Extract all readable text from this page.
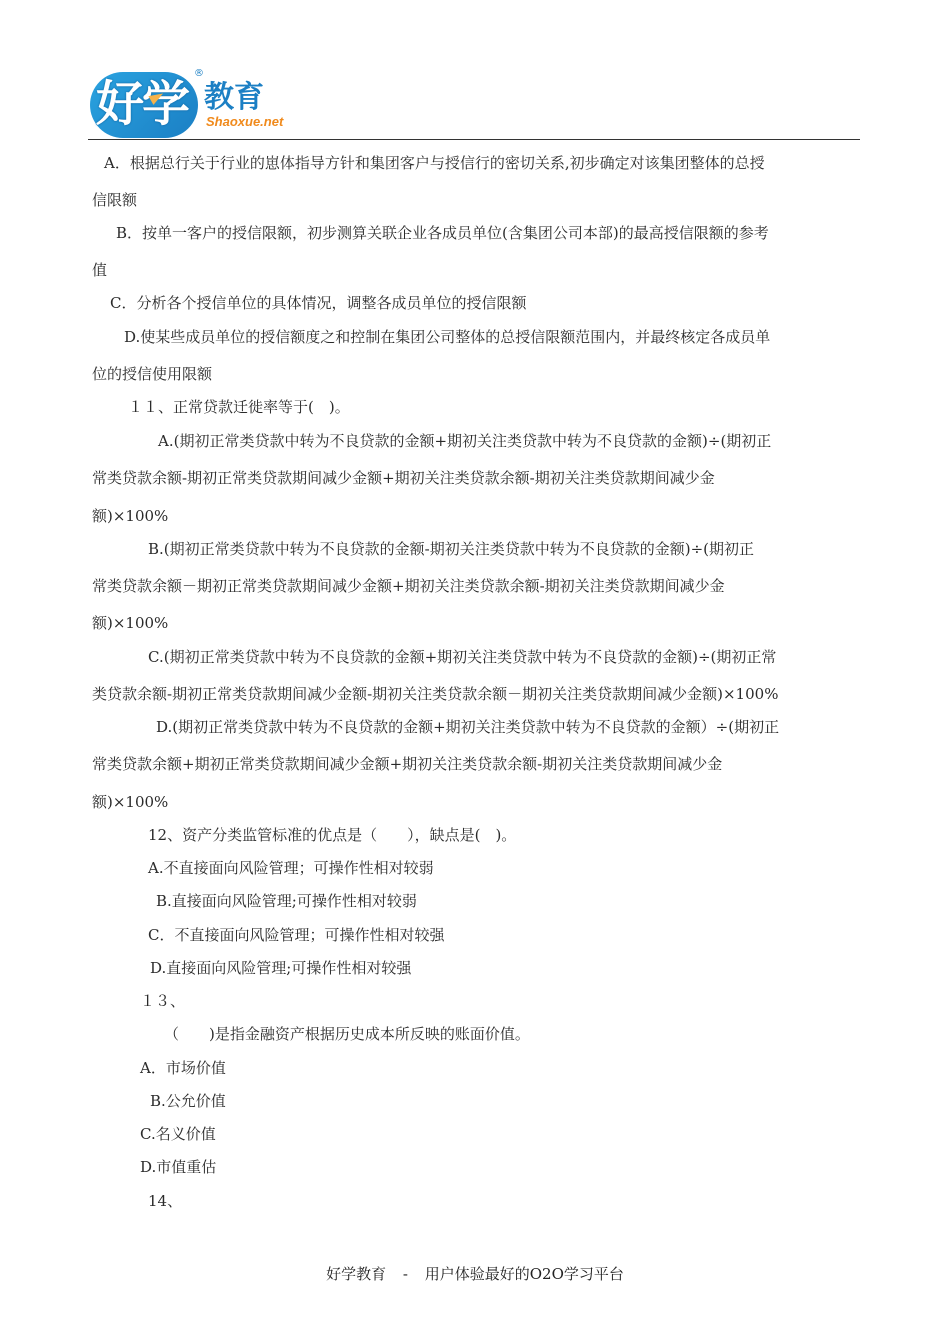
好学
®
教育
Shaoxue.net
A．根据总行关于行业的崽体指导方针和集团客户与授信行的密切关系,初步确定对该集团整体的总授
信限额
B．按单一客户的授信限额，初步测算关联企业各成员单位(含集团公司本部)的最高授信限额的参考
值
C．分析各个授信单位的具体情况，调整各成员单位的授信限额
D.使某些成员单位的授信额度之和控制在集团公司整体的总授信限额范围内，并最终核定各成员单
位的授信使用限额
１１、正常贷款迁徙率等于(　)。
A.(期初正常类贷款中转为不良贷款的金额+期初关注类贷款中转为不良贷款的金额)÷(期初正
常类贷款余额-期初正常类贷款期间减少金额+期初关注类贷款余额-期初关注类贷款期间减少金
额)×100%
B.(期初正常类贷款中转为不良贷款的金额-期初关注类贷款中转为不良贷款的金额)÷(期初正
常类贷款余额－期初正常类贷款期间减少金额+期初关注类贷款余额-期初关注类贷款期间减少金
额)×100%
C.(期初正常类贷款中转为不良贷款的金额+期初关注类贷款中转为不良贷款的金额)÷(期初正常
类贷款余额-期初正常类贷款期间减少金额-期初关注类贷款余额－期初关注类贷款期间减少金额)×100%
D.(期初正常类贷款中转为不良贷款的金额+期初关注类贷款中转为不良贷款的金额）÷(期初正
常类贷款余额+期初正常类贷款期间减少金额+期初关注类贷款余额-期初关注类贷款期间减少金
额)×100%
12、资产分类监管标准的优点是（　　），缺点是(　)。
A.不直接面向风险管理；可操作性相对较弱
B.直接面向风险管理;可操作性相对较弱
C．不直接面向风险管理；可操作性相对较强
D.直接面向风险管理;可操作性相对较强
１３、
（　　)是指金融资产根据历史成本所反映的账面价值。
A．市场价值
B.公允价值
C.名义价值
D.市值重估
14、
好学教育 - 用户体验最好的O2O学习平台
